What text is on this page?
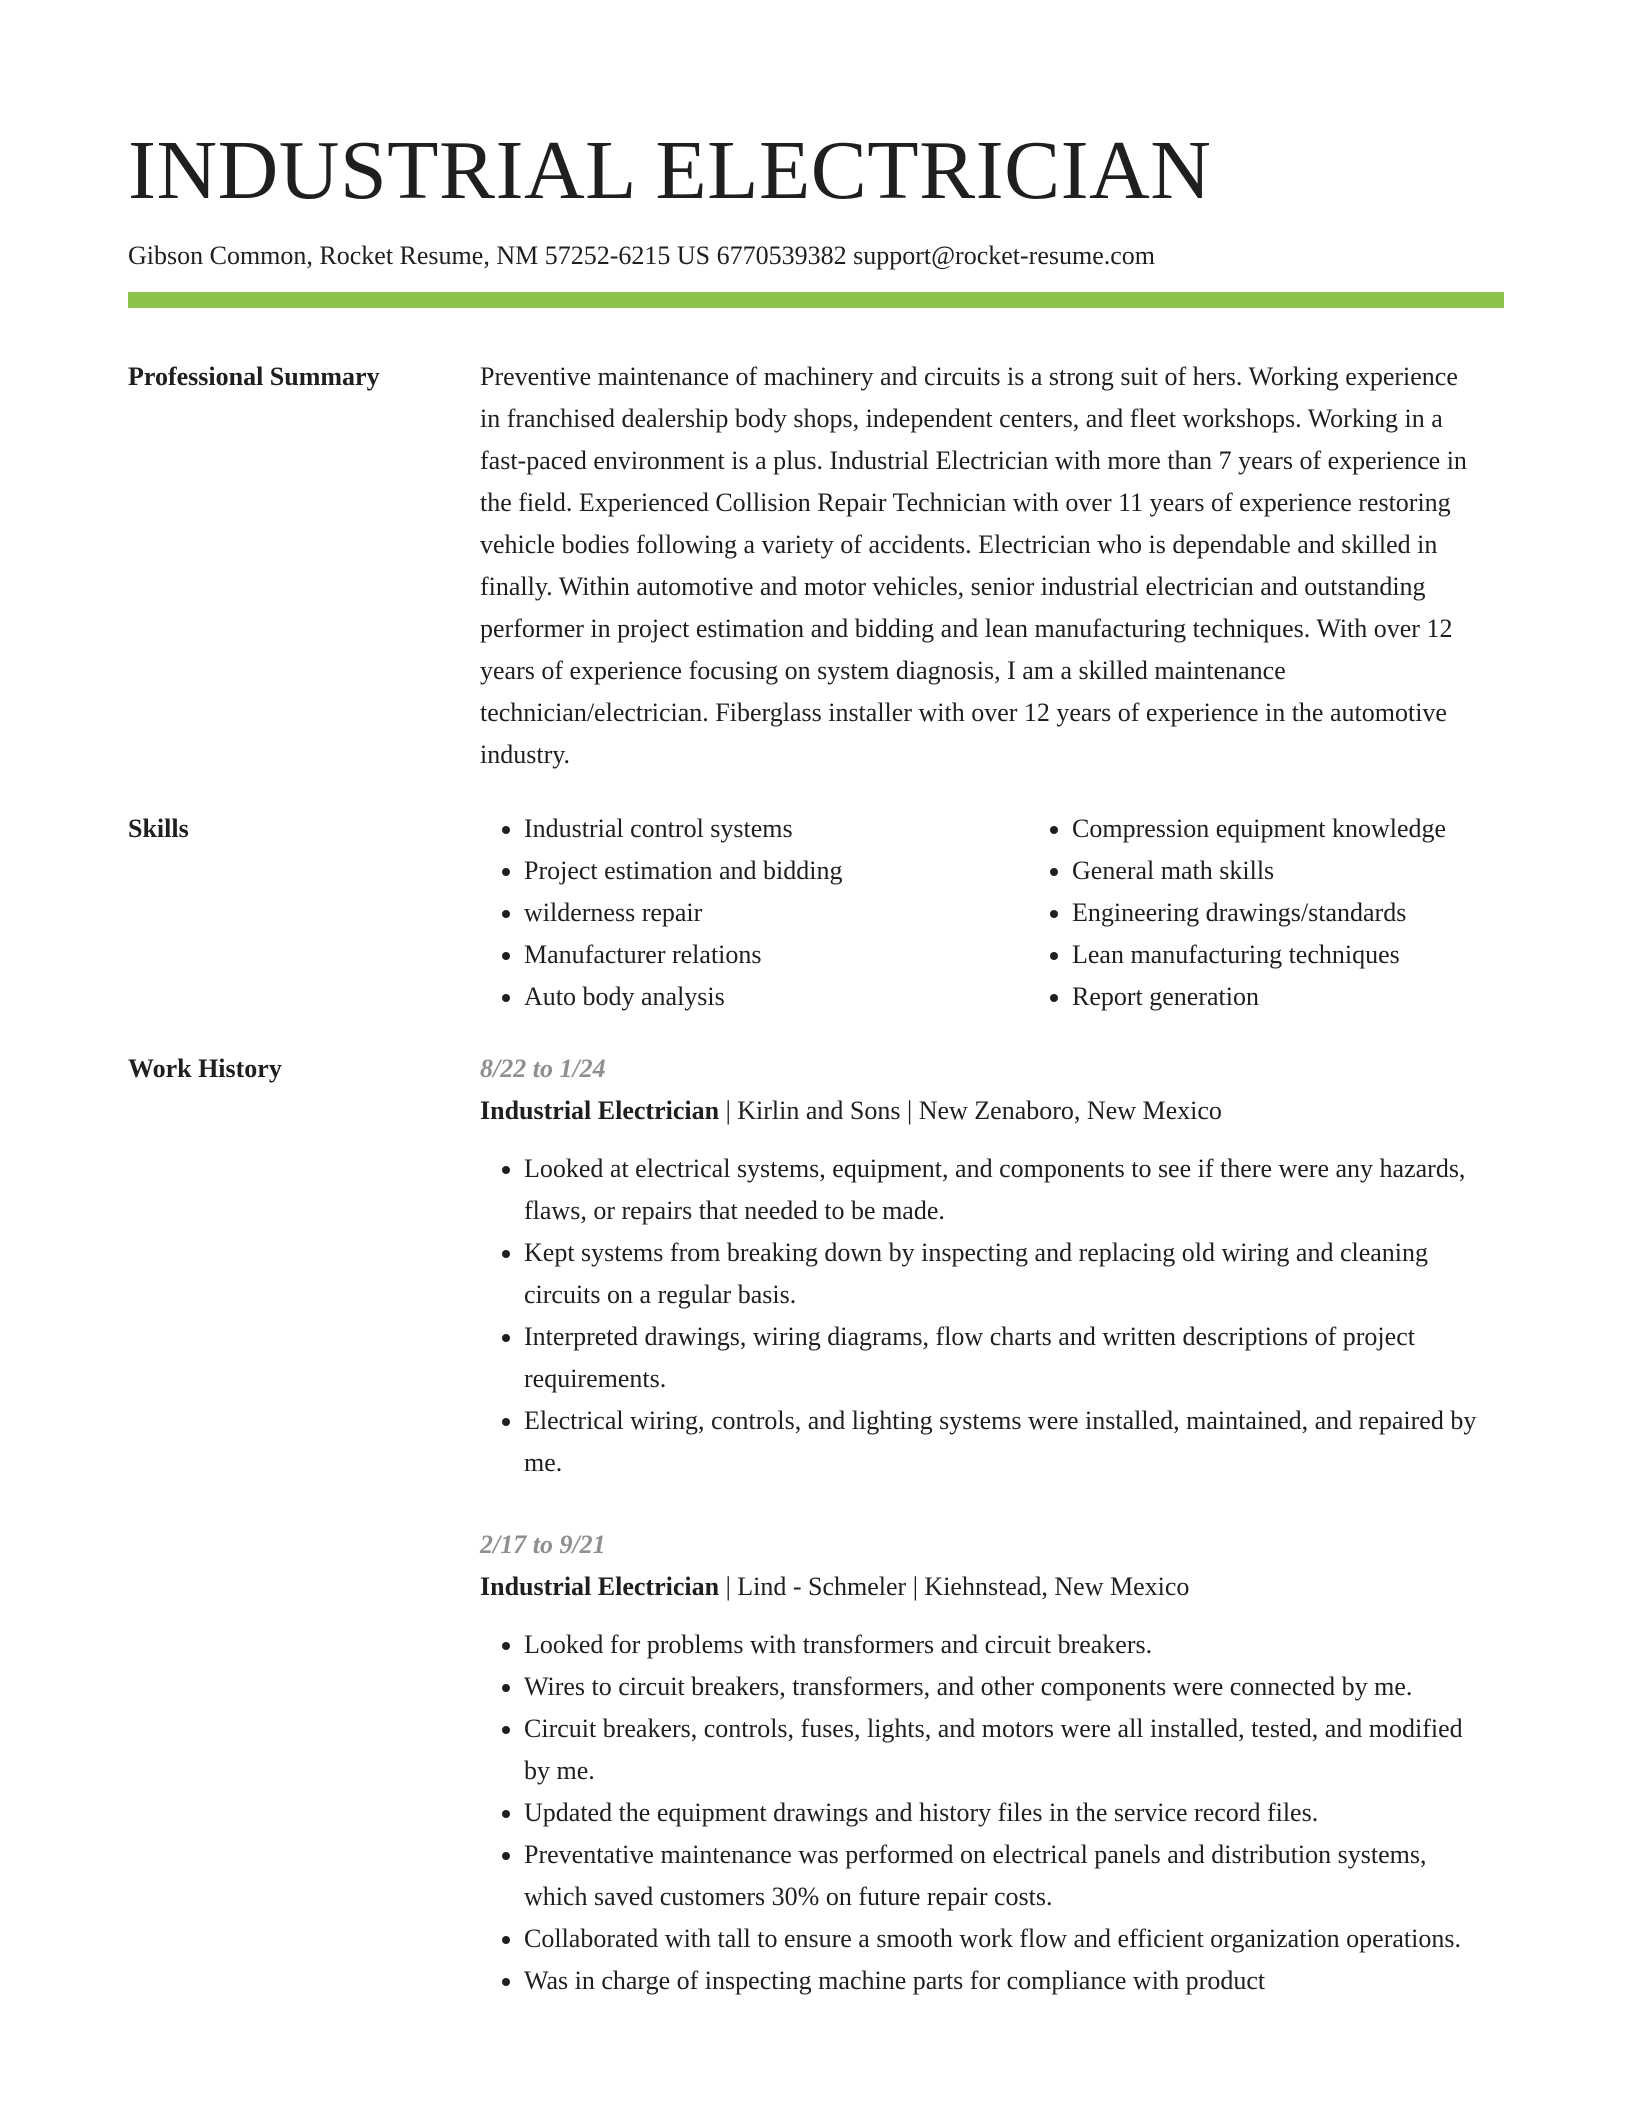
INDUSTRIAL ELECTRICIAN
Gibson Common, Rocket Resume, NM 57252-6215 US 6770539382 support@rocket-resume.com
Professional Summary	Preventive maintenance of machinery and circuits is a strong suit of hers. Working experience in franchised dealership body shops, independent centers, and fleet workshops. Working in a fast-paced environment is a plus. Industrial Electrician with more than 7 years of experience in the field. Experienced Collision Repair Technician with over 11 years of experience restoring vehicle bodies following a variety of accidents. Electrician who is dependable and skilled in finally. Within automotive and motor vehicles, senior industrial electrician and outstanding performer in project estimation and bidding and lean manufacturing techniques. With over 12 years of experience focusing on system diagnosis, I am a skilled maintenance technician/electrician. Fiberglass installer with over 12 years of experience in the automotive industry.
Skills
•	Industrial control systems
• Project estimation and bidding
• wilderness repair
• Manufacturer relations
• Auto body analysis
• Compression equipment knowledge
• General math skills
• Engineering drawings/standards
• Lean manufacturing techniques
• Report generation
Work History	8/22 to 1/24
Industrial Electrician | Kirlin and Sons | New Zenaboro, New Mexico
• Looked at electrical systems, equipment, and components to see if there were any hazards, flaws, or repairs that needed to be made.
• Kept systems from breaking down by inspecting and replacing old wiring and cleaning circuits on a regular basis.
• Interpreted drawings, wiring diagrams, flow charts and written descriptions of project requirements.
• Electrical wiring, controls, and lighting systems were installed, maintained, and repaired by me.
2/17 to 9/21
Industrial Electrician | Lind - Schmeler | Kiehnstead, New Mexico
• Looked for problems with transformers and circuit breakers.
• Wires to circuit breakers, transformers, and other components were connected by me.
• Circuit breakers, controls, fuses, lights, and motors were all installed, tested, and modified by me.
• Updated the equipment drawings and history files in the service record files.
• Preventative maintenance was performed on electrical panels and distribution systems, which saved customers 30% on future repair costs.
• Collaborated with tall to ensure a smooth work flow and efficient organization operations.
• Was in charge of inspecting machine parts for compliance with product
